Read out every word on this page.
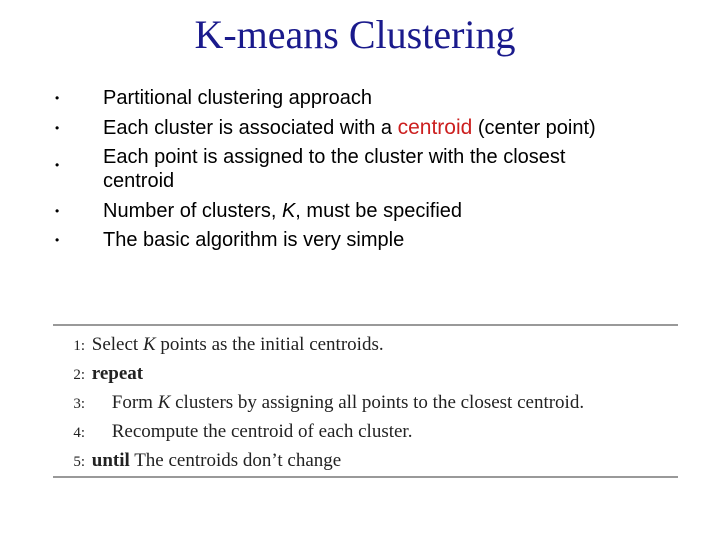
K-means Clustering
•	Partitional clustering approach
•	Each cluster is associated with a centroid (center point)
•	Each point is assigned to the cluster with the closest centroid
•	Number of clusters, K, must be specified
•	The basic algorithm is very simple
1: Select K points as the initial centroids.
2: repeat
3: Form K clusters by assigning all points to the closest centroid.
4: Recompute the centroid of each cluster.
5: until The centroids don’t change
